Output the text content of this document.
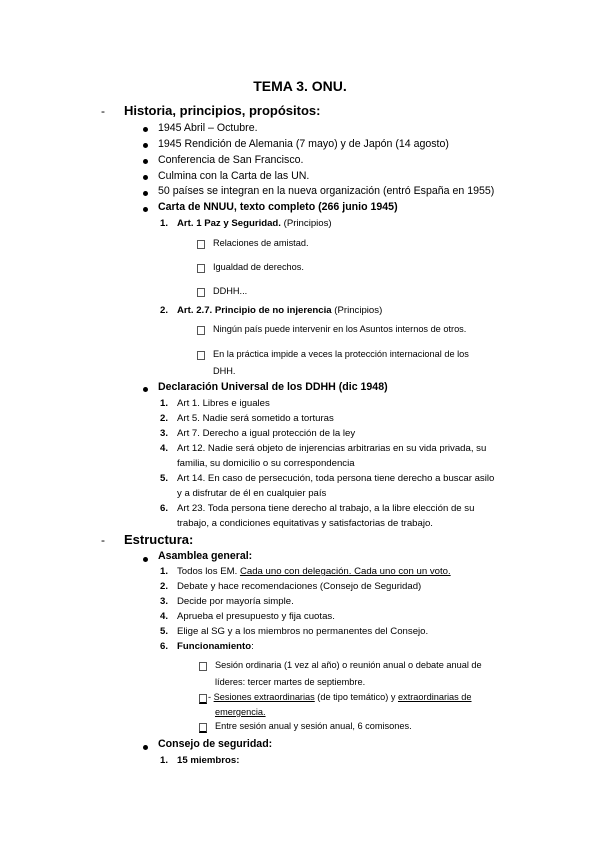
TEMA 3. ONU.
- Historia, principios, propósitos:
1945 Abril – Octubre.
1945 Rendición de Alemania (7 mayo) y de Japón (14 agosto)
Conferencia de San Francisco.
Culmina con la Carta de las UN.
50 países se integran en la nueva organización (entró España en 1955)
Carta de NNUU, texto completo (266 junio 1945)
1. Art. 1 Paz y Seguridad. (Principios)
Relaciones de amistad.
Igualdad de derechos.
DDHH...
2. Art. 2.7. Principio de no injerencia (Principios)
Ningún país puede intervenir en los Asuntos internos de otros.
En la práctica impide a veces la protección internacional de los
DHH.
Declaración Universal de los DDHH (dic 1948)
1. Art 1. Libres e iguales
2. Art 5. Nadie será sometido a torturas
3. Art 7. Derecho a igual protección de la ley
4. Art 12. Nadie será objeto de injerencias arbitrarias en su vida privada, su
familia, su domicilio o su correspondencia
5. Art 14. En caso de persecución, toda persona tiene derecho a buscar asilo
y a disfrutar de él en cualquier país
6. Art 23. Toda persona tiene derecho al trabajo, a la libre elección de su
trabajo, a condiciones equitativas y satisfactorias de trabajo.
- Estructura:
Asamblea general:
1. Todos los EM. Cada uno con delegación. Cada uno con un voto.
2. Debate y hace recomendaciones (Consejo de Seguridad)
3. Decide por mayoría simple.
4. Aprueba el presupuesto y fija cuotas.
5. Elige al SG y a los miembros no permanentes del Consejo.
6. Funcionamiento:
Sesión ordinaria (1 vez al año) o reunión anual o debate anual de
líderes: tercer martes de septiembre.
- Sesiones extraordinarias (de tipo temático) y extraordinarias de
emergencia.
Entre sesión anual y sesión anual, 6 comisones.
Consejo de seguridad:
1. 15 miembros:
